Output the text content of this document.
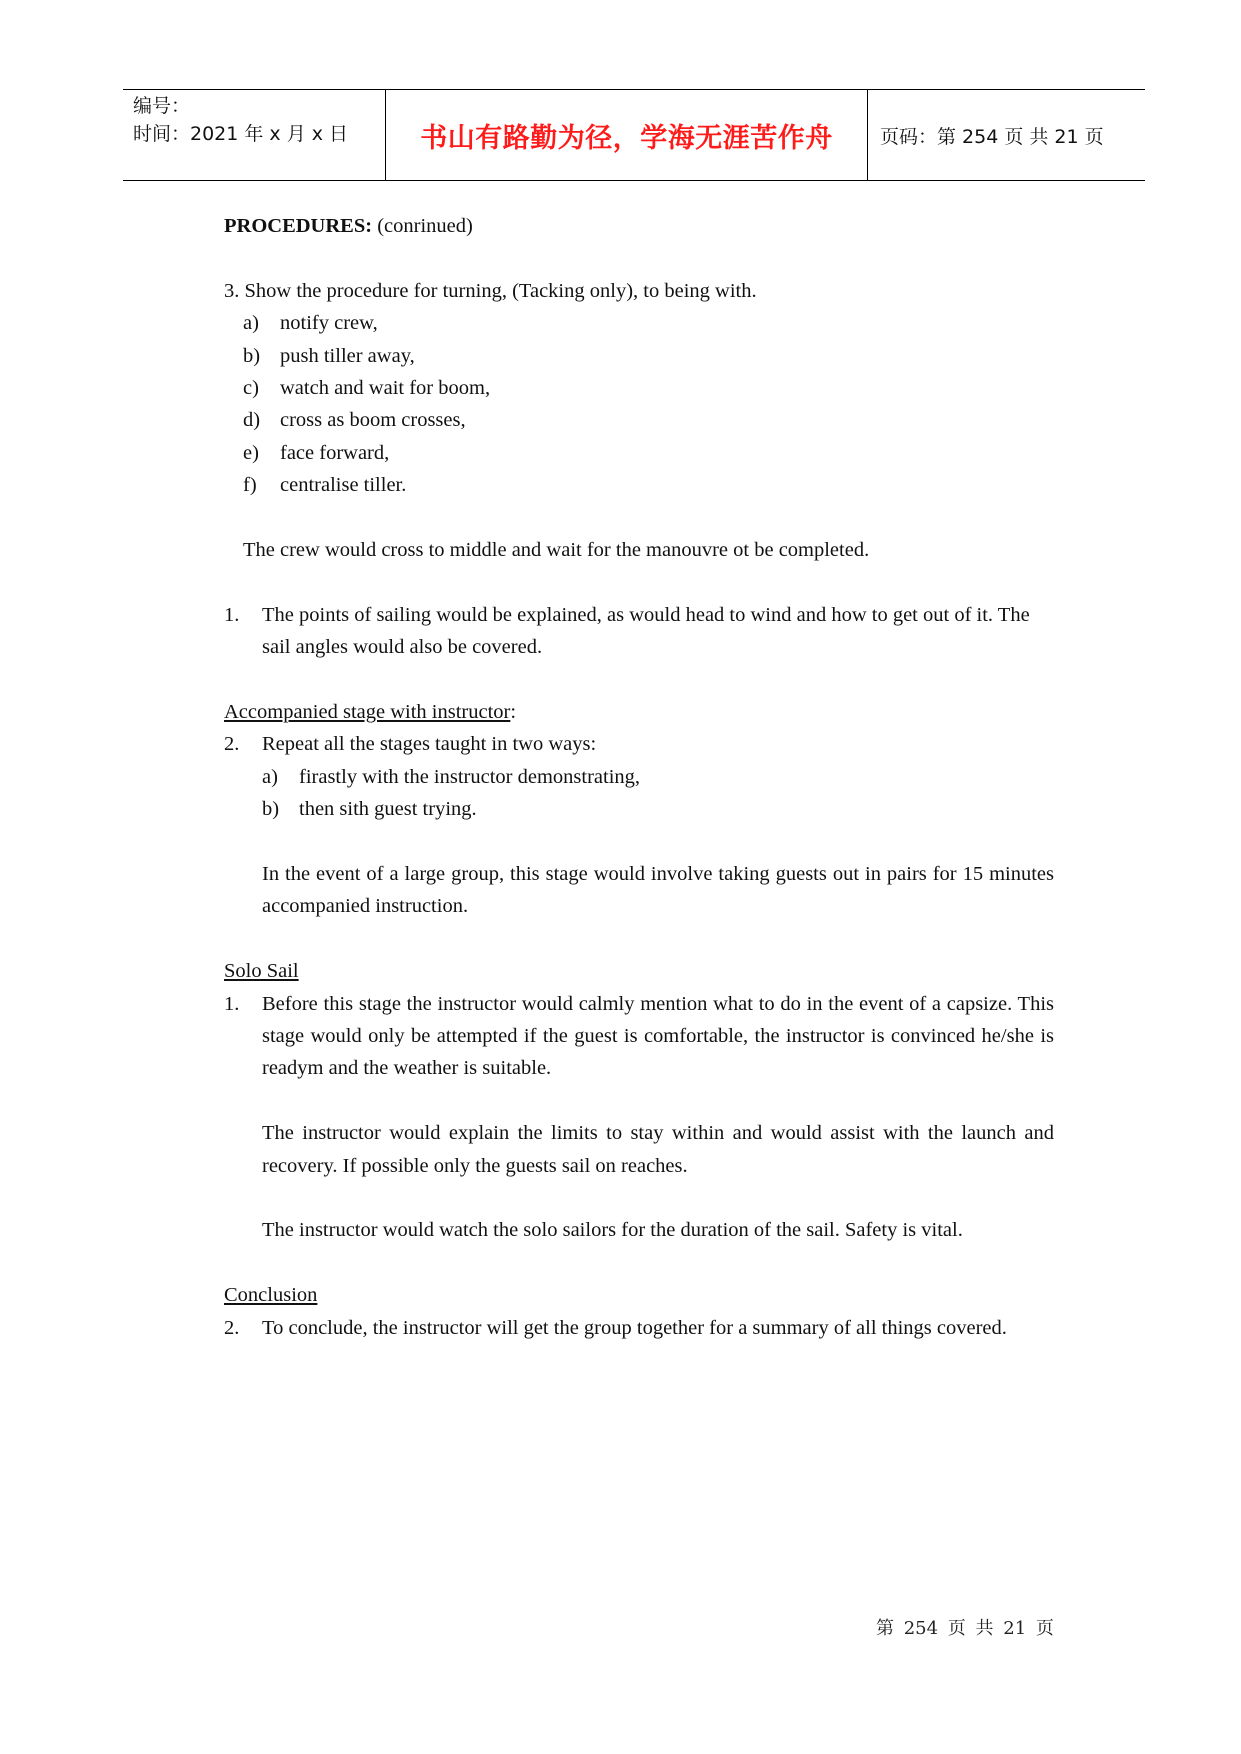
编号：
时间：2021 年 x 月 x 日	书山有路勤为径，学海无涯苦作舟	页码：第 254 页 共 21 页
PROCEDURES: (conrinued)
3. Show the procedure for turning, (Tacking only), to being with.
a)	notify crew,
b) push tiller away,
c)	watch and wait for boom,
d) cross as boom crosses,
e)	face forward,
f)	centralise tiller.
The crew would cross to middle and wait for the manouvre ot be completed.
1.	The points of sailing would be explained, as would head to wind and how to get out of it. The sail angles would also be covered.
Accompanied stage with instructor:
2.	Repeat all the stages taught in two ways:
a)	firastly with the instructor demonstrating,
b) then sith guest trying.
In the event of a large group, this stage would involve taking guests out in pairs for 15 minutes accompanied instruction.
Solo Sail
1.	Before this stage the instructor would calmly mention what to do in the event of a capsize. This stage would only be attempted if the guest is comfortable, the instructor is convinced he/she is readym and the weather is suitable.
The instructor would explain the limits to stay within and would assist with the launch and recovery. If possible only the guests sail on reaches.
The instructor would watch the solo sailors for the duration of the sail. Safety is vital.
Conclusion
2.	To conclude, the instructor will get the group together for a summary of all things covered.
第 254 页 共 21 页
